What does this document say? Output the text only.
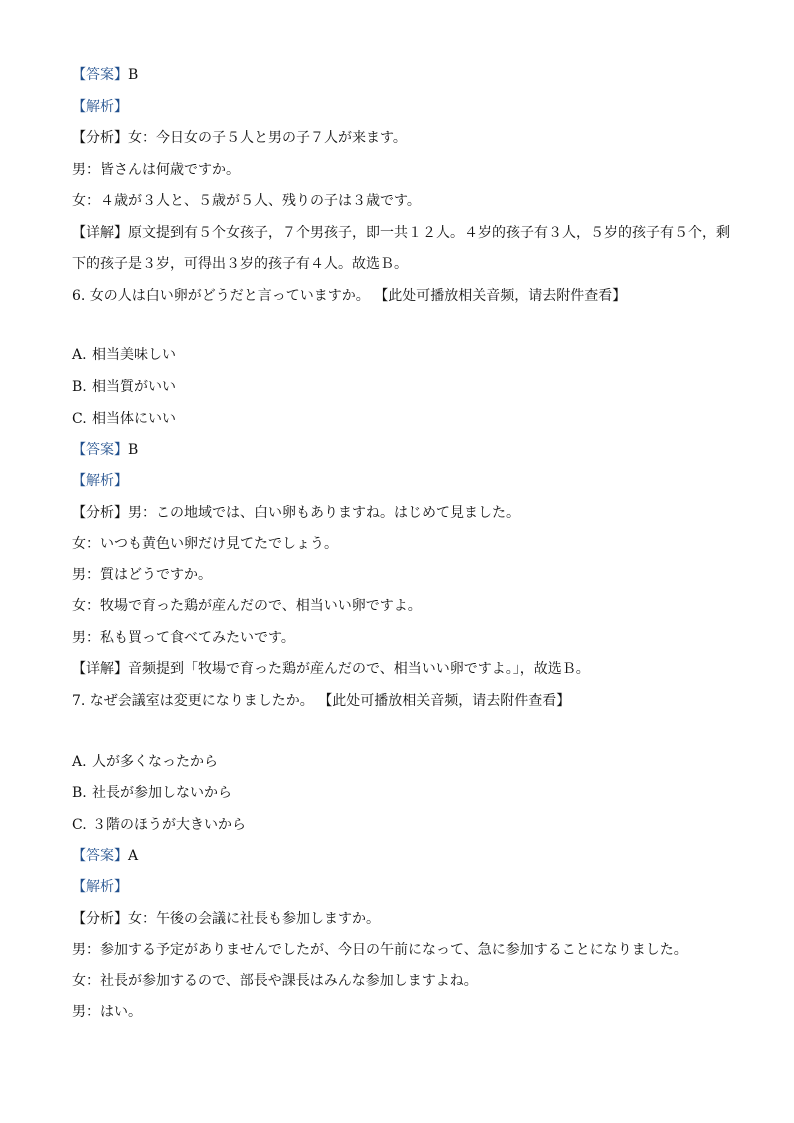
【答案】B
【解析】
【分析】女：今日女の子５人と男の子７人が来ます。
男：皆さんは何歳ですか。
女：４歳が３人と、５歳が５人、残りの子は３歳です。
【详解】原文提到有５个女孩子，７个男孩子，即一共１２人。４岁的孩子有３人，５岁的孩子有５个，剩
下的孩子是３岁，可得出３岁的孩子有４人。故选Ｂ。
6. 女の人は白い卵がどうだと言っていますか。 【此处可播放相关音频，请去附件查看】
A. 相当美味しい
B. 相当質がいい
C. 相当体にいい
【答案】B
【解析】
【分析】男：この地域では、白い卵もありますね。はじめて見ました。
女：いつも黄色い卵だけ見てたでしょう。
男：質はどうですか。
女：牧場で育った鶏が産んだので、相当いい卵ですよ。
男：私も買って食べてみたいです。
【详解】音频提到「牧場で育った鶏が産んだので、相当いい卵ですよ。」，故选Ｂ。
7. なぜ会議室は変更になりましたか。 【此处可播放相关音频，请去附件查看】
A. 人が多くなったから
B. 社長が参加しないから
C. ３階のほうが大きいから
【答案】A
【解析】
【分析】女：午後の会議に社長も参加しますか。
男：参加する予定がありませんでしたが、今日の午前になって、急に参加することになりました。
女：社長が参加するので、部長や課長はみんな参加しますよね。
男：はい。
